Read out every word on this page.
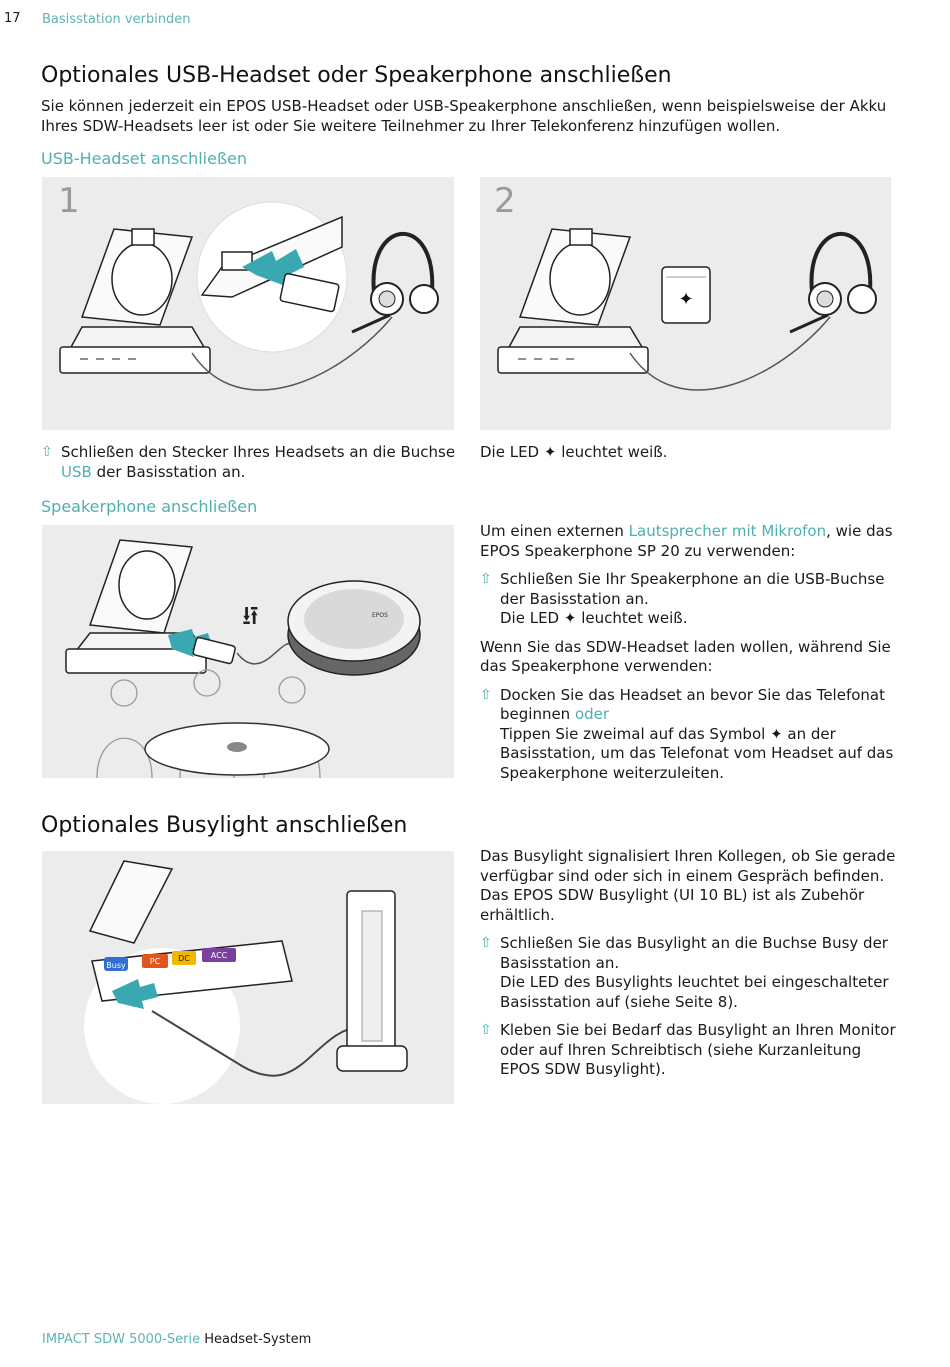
17 Basisstation verbinden
Optionales USB-Headset oder Speakerphone anschließen

Sie können jederzeit ein EPOS USB-Headset oder USB-Speakerphone anschließen, wenn beispielsweise der Akku Ihres SDW-Headsets leer ist oder Sie weitere Teilnehmer zu Ihrer Telekonferenz hinzufügen wollen.

USB-Headset anschließen
1	2
✦
⇧ Schließen den Stecker Ihres Headsets an die Buchse USB der Basisstation an.
Die LED ✦ leuchtet weiß.
Speakerphone anschließen
⭿	EPOS

Um einen externen Lautsprecher mit Mikrofon, wie das EPOS Speakerphone SP 20 zu verwenden:

⇧ Schließen Sie Ihr Speakerphone an die USB-Buchse der Basisstation an.
Die LED ✦ leuchtet weiß.

Wenn Sie das SDW-Headset laden wollen, während Sie das Speakerphone verwenden:

⇧ Docken Sie das Headset an bevor Sie das Telefonat beginnen oder
Tippen Sie zweimal auf das Symbol ✦ an der Basisstation, um das Telefonat vom Headset auf das Speakerphone weiterzuleiten.
Optionales Busylight anschließen
Busy	PC DC	ACC

Das Busylight signalisiert Ihren Kollegen, ob Sie gerade verfügbar sind oder sich in einem Gespräch befinden. Das EPOS SDW Busylight (UI 10 BL) ist als Zubehör erhältlich.

⇧ Schließen Sie das Busylight an die Buchse Busy der Basisstation an.
Die LED des Busylights leuchtet bei eingeschalteter Basisstation auf (siehe Seite 8).
⇧ Kleben Sie bei Bedarf das Busylight an Ihren Monitor oder auf Ihren Schreibtisch (siehe Kurzanleitung EPOS SDW Busylight).
IMPACT SDW 5000-Serie Headset-System
